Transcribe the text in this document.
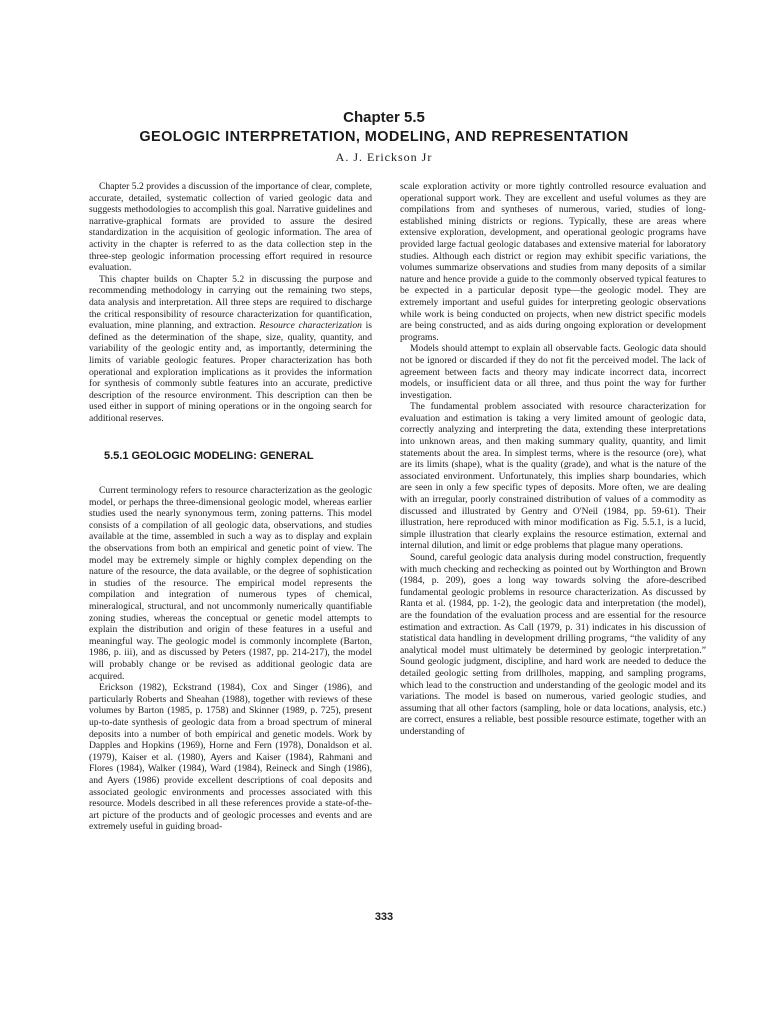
Chapter 5.5
GEOLOGIC INTERPRETATION, MODELING, AND REPRESENTATION
A. J. Erickson Jr

Chapter 5.2 provides a discussion of the importance of clear, complete, accurate, detailed, systematic collection of varied geologic data and suggests methodologies to accomplish this goal. Narrative guidelines and narrative-graphical formats are provided to assure the desired standardization in the acquisition of geologic information. The area of activity in the chapter is referred to as the data collection step in the three-step geologic information processing effort required in resource evaluation.

This chapter builds on Chapter 5.2 in discussing the purpose and recommending methodology in carrying out the remaining two steps, data analysis and interpretation. All three steps are required to discharge the critical responsibility of resource characterization for quantification, evaluation, mine planning, and extraction. Resource characterization is defined as the determination of the shape, size, quality, quantity, and variability of the geologic entity and, as importantly, determining the limits of variable geologic features. Proper characterization has both operational and exploration implications as it provides the information for synthesis of commonly subtle features into an accurate, predictive description of the resource environment. This description can then be used either in support of mining operations or in the ongoing search for additional reserves.

5.5.1 GEOLOGIC MODELING: GENERAL

Current terminology refers to resource characterization as the geologic model, or perhaps the three-dimensional geologic model, whereas earlier studies used the nearly synonymous term, zoning patterns. This model consists of a compilation of all geologic data, observations, and studies available at the time, assembled in such a way as to display and explain the observations from both an empirical and genetic point of view. The model may be extremely simple or highly complex depending on the nature of the resource, the data available, or the degree of sophistication in studies of the resource. The empirical model represents the compilation and integration of numerous types of chemical, mineralogical, structural, and not uncommonly numerically quantifiable zoning studies, whereas the conceptual or genetic model attempts to explain the distribution and origin of these features in a useful and meaningful way. The geologic model is commonly incomplete (Barton, 1986, p. iii), and as discussed by Peters (1987, pp. 214-217), the model will probably change or be revised as additional geologic data are acquired.

Erickson (1982), Eckstrand (1984), Cox and Singer (1986), and particularly Roberts and Sheahan (1988), together with reviews of these volumes by Barton (1985, p. 1758) and Skinner (1989, p. 725), present up-to-date synthesis of geologic data from a broad spectrum of mineral deposits into a number of both empirical and genetic models. Work by Dapples and Hopkins (1969), Horne and Fern (1978), Donaldson et al. (1979), Kaiser et al. (1980), Ayers and Kaiser (1984), Rahmani and Flores (1984), Walker (1984), Ward (1984), Reineck and Singh (1986), and Ayers (1986) provide excellent descriptions of coal deposits and associated geologic environments and processes associated with this resource. Models described in all these references provide a state-of-the-art picture of the products and of geologic processes and events and are extremely useful in guiding broad-

scale exploration activity or more tightly controlled resource evaluation and operational support work. They are excellent and useful volumes as they are compilations from and syntheses of numerous, varied, studies of long-established mining districts or regions. Typically, these are areas where extensive exploration, development, and operational geologic programs have provided large factual geologic databases and extensive material for laboratory studies. Although each district or region may exhibit specific variations, the volumes summarize observations and studies from many deposits of a similar nature and hence provide a guide to the commonly observed typical features to be expected in a particular deposit type—the geologic model. They are extremely important and useful guides for interpreting geologic observations while work is being conducted on projects, when new district specific models are being constructed, and as aids during ongoing exploration or development programs.

Models should attempt to explain all observable facts. Geologic data should not be ignored or discarded if they do not fit the perceived model. The lack of agreement between facts and theory may indicate incorrect data, incorrect models, or insufficient data or all three, and thus point the way for further investigation.

The fundamental problem associated with resource characterization for evaluation and estimation is taking a very limited amount of geologic data, correctly analyzing and interpreting the data, extending these interpretations into unknown areas, and then making summary quality, quantity, and limit statements about the area. In simplest terms, where is the resource (ore), what are its limits (shape), what is the quality (grade), and what is the nature of the associated environment. Unfortunately, this implies sharp boundaries, which are seen in only a few specific types of deposits. More often, we are dealing with an irregular, poorly constrained distribution of values of a commodity as discussed and illustrated by Gentry and O'Neil (1984, pp. 59-61). Their illustration, here reproduced with minor modification as Fig. 5.5.1, is a lucid, simple illustration that clearly explains the resource estimation, external and internal dilution, and limit or edge problems that plague many operations.

Sound, careful geologic data analysis during model construction, frequently with much checking and rechecking as pointed out by Worthington and Brown (1984, p. 209), goes a long way towards solving the afore-described fundamental geologic problems in resource characterization. As discussed by Ranta et al. (1984, pp. 1-2), the geologic data and interpretation (the model), are the foundation of the evaluation process and are essential for the resource estimation and extraction. As Call (1979, p. 31) indicates in his discussion of statistical data handling in development drilling programs, “the validity of any analytical model must ultimately be determined by geologic interpretation.” Sound geologic judgment, discipline, and hard work are needed to deduce the detailed geologic setting from drillholes, mapping, and sampling programs, which lead to the construction and understanding of the geologic model and its variations. The model is based on numerous, varied geologic studies, and assuming that all other factors (sampling, hole or data locations, analysis, etc.) are correct, ensures a reliable, best possible resource estimate, together with an understanding of

333
